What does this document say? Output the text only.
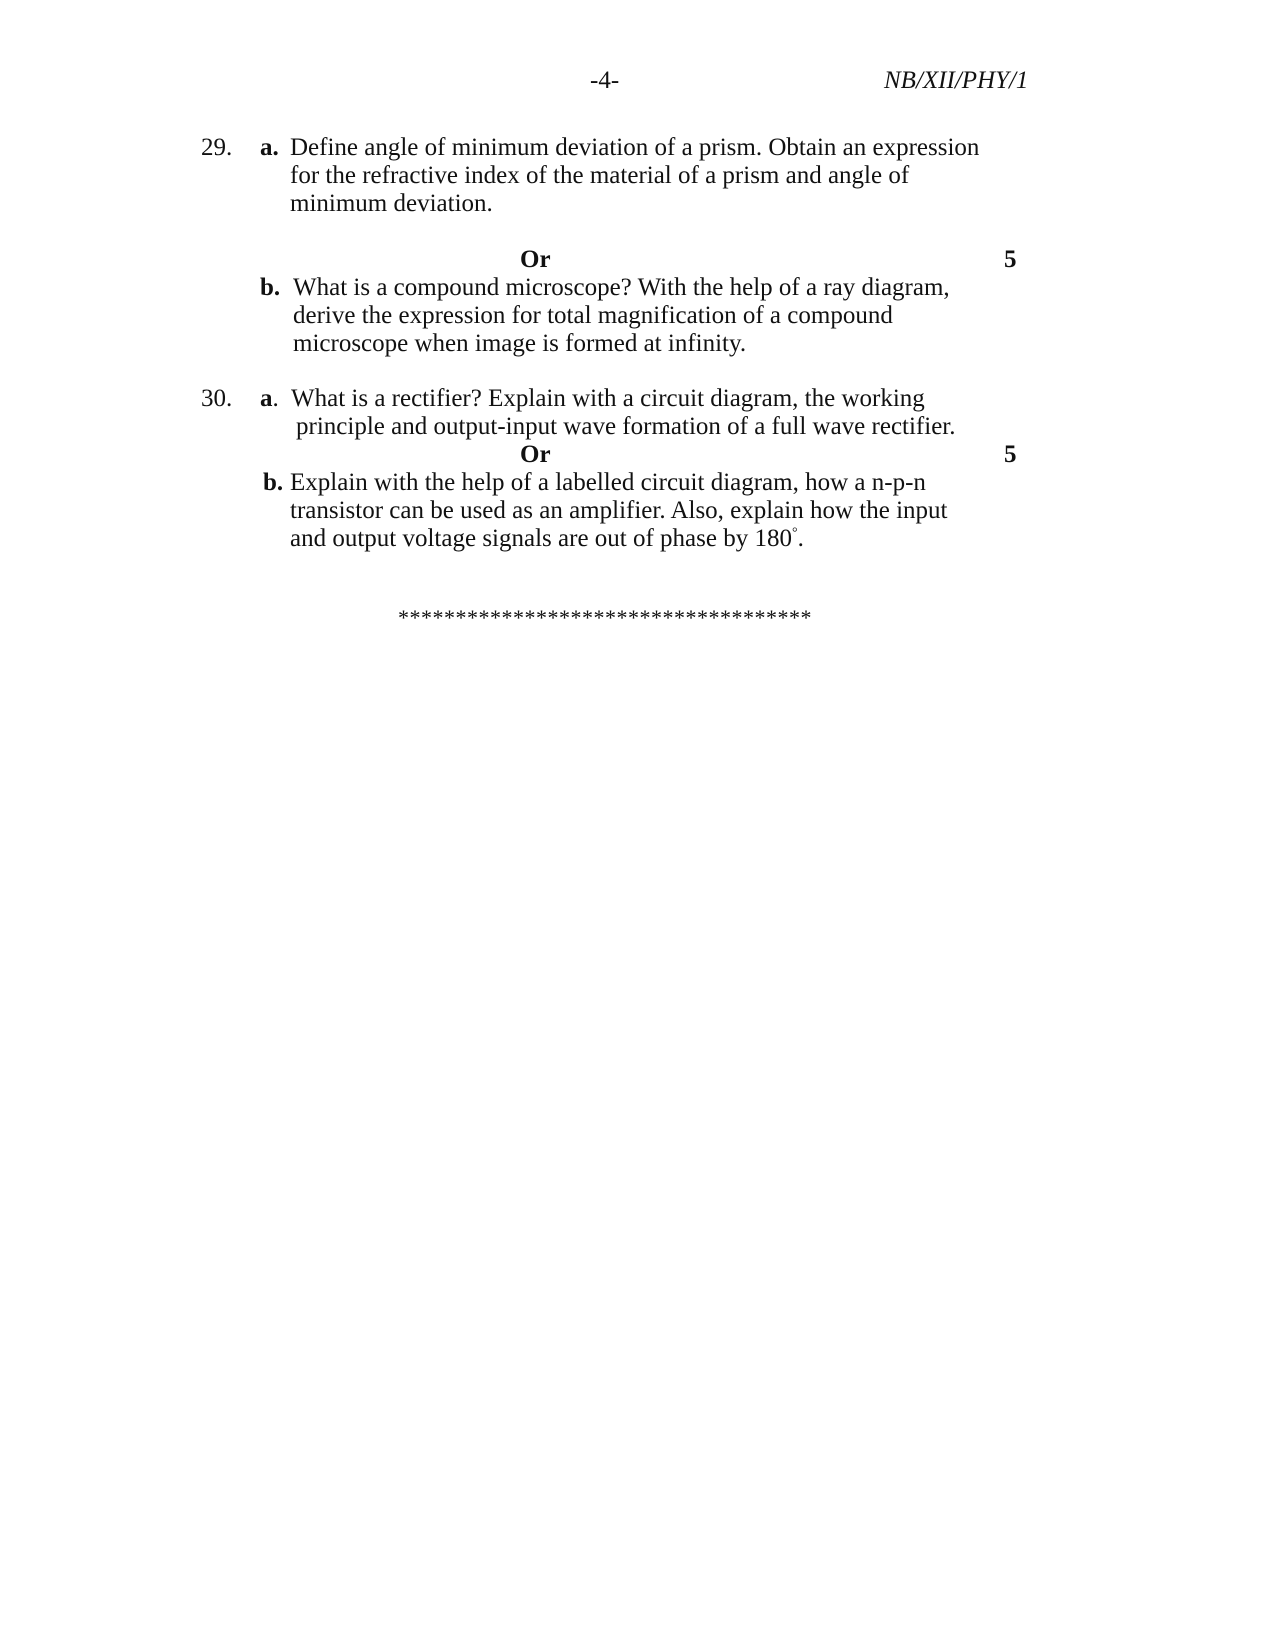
-4-	NB/XII/PHY/1
29. a. Define angle of minimum deviation of a prism. Obtain an expression
for the refractive index of the material of a prism and angle of
minimum deviation.
Or	5
b. What is a compound microscope? With the help of a ray diagram,
derive the expression for total magnification of a compound
microscope when image is formed at infinity.
30. a. What is a rectifier? Explain with a circuit diagram, the working
principle and output-input wave formation of a full wave rectifier.
Or	5
b. Explain with the help of a labelled circuit diagram, how a n-p-n
transistor can be used as an amplifier. Also, explain how the input
and output voltage signals are out of phase by 180°.
************************************
